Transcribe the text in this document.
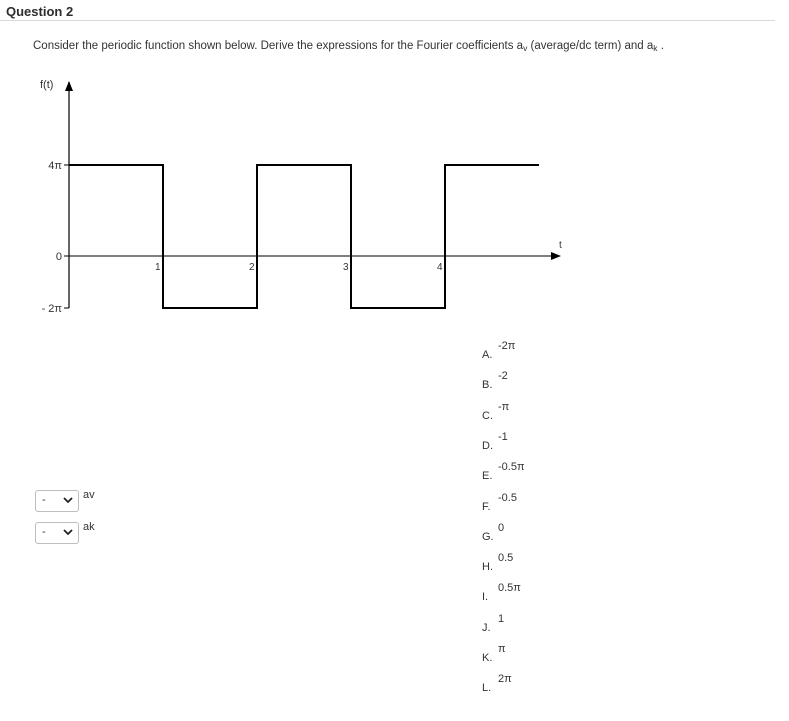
Question 2
Consider the periodic function shown below. Derive the expressions for the Fourier coefficients $a_v$ (average/dc term) and $a_k$ .
1	2	3	4
4π
0
- 2π
f(t)
t
-	av
-	ak
A.
-2π
B.
-2
C.
-π
D.
-1
E.
-0.5π
F.
-0.5
G.
0
H.
0.5
I.
0.5π
J.
1
K.
π
L.
2π
